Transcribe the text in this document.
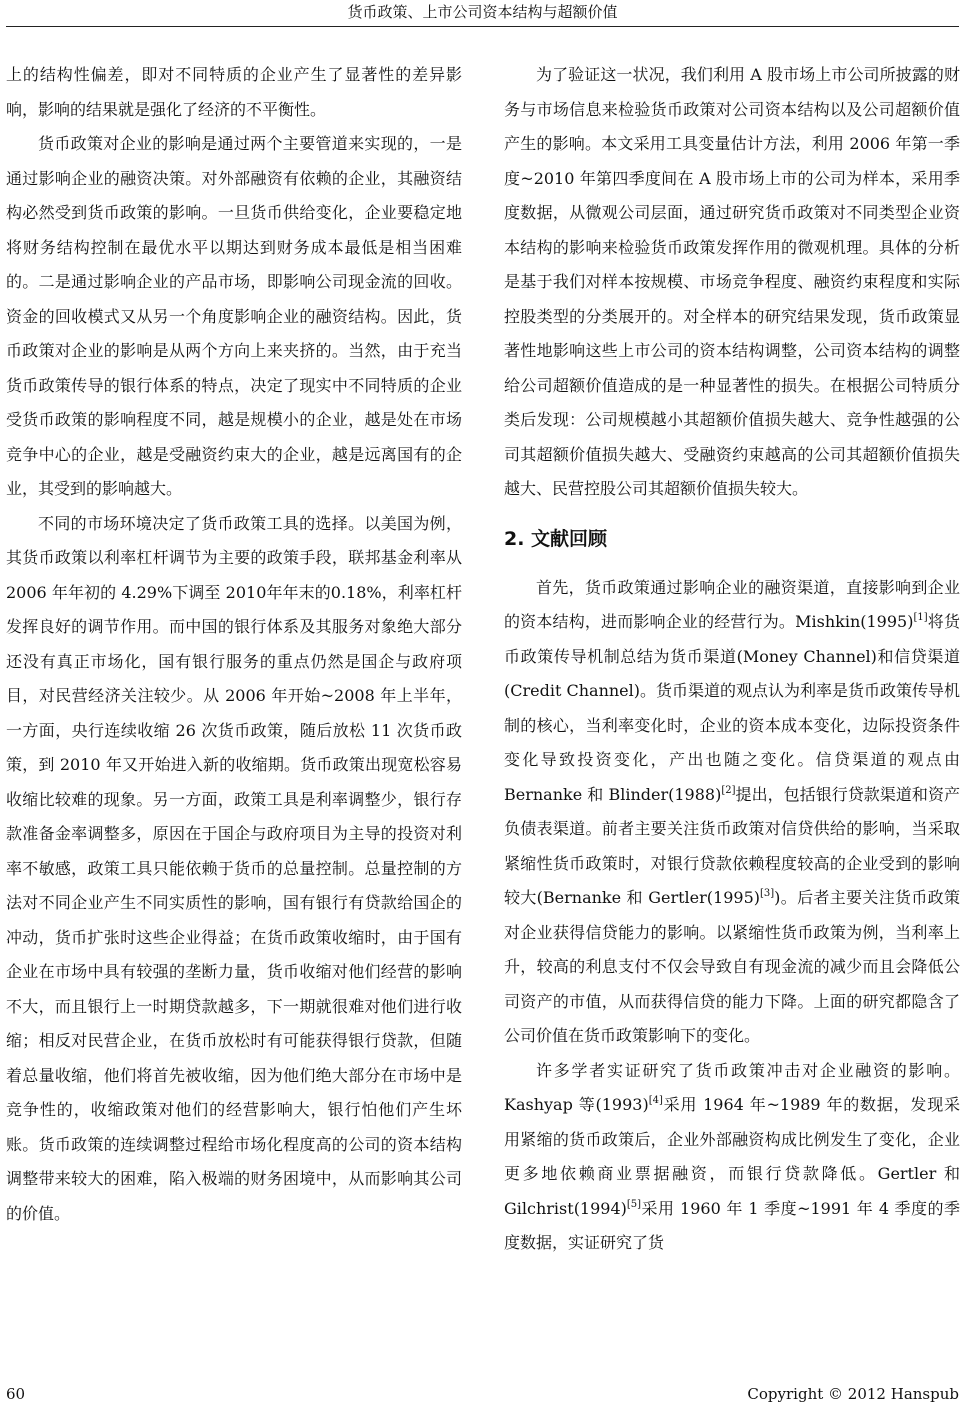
货币政策、上市公司资本结构与超额价值

上的结构性偏差，即对不同特质的企业产生了显著性的差异影响，影响的结果就是强化了经济的不平衡性。

货币政策对企业的影响是通过两个主要管道来实现的，一是通过影响企业的融资决策。对外部融资有依赖的企业，其融资结构必然受到货币政策的影响。一旦货币供给变化，企业要稳定地将财务结构控制在最优水平以期达到财务成本最低是相当困难的。二是通过影响企业的产品市场，即影响公司现金流的回收。资金的回收模式又从另一个角度影响企业的融资结构。因此，货币政策对企业的影响是从两个方向上来夹挤的。当然，由于充当货币政策传导的银行体系的特点，决定了现实中不同特质的企业受货币政策的影响程度不同，越是规模小的企业，越是处在市场竞争中心的企业，越是受融资约束大的企业，越是远离国有的企业，其受到的影响越大。

不同的市场环境决定了货币政策工具的选择。以美国为例，其货币政策以利率杠杆调节为主要的政策手段，联邦基金利率从 2006 年年初的 4.29%下调至 2010年年末的0.18%，利率杠杆发挥良好的调节作用。而中国的银行体系及其服务对象绝大部分还没有真正市场化，国有银行服务的重点仍然是国企与政府项目，对民营经济关注较少。从 2006 年开始~2008 年上半年，一方面，央行连续收缩 26 次货币政策，随后放松 11 次货币政策，到 2010 年又开始进入新的收缩期。货币政策出现宽松容易收缩比较难的现象。另一方面，政策工具是利率调整少，银行存款准备金率调整多，原因在于国企与政府项目为主导的投资对利率不敏感，政策工具只能依赖于货币的总量控制。总量控制的方法对不同企业产生不同实质性的影响，国有银行有贷款给国企的冲动，货币扩张时这些企业得益；在货币政策收缩时，由于国有企业在市场中具有较强的垄断力量，货币收缩对他们经营的影响不大，而且银行上一时期贷款越多，下一期就很难对他们进行收缩；相反对民营企业，在货币放松时有可能获得银行贷款，但随着总量收缩，他们将首先被收缩，因为他们绝大部分在市场中是竞争性的，收缩政策对他们的经营影响大，银行怕他们产生坏账。货币政策的连续调整过程给市场化程度高的公司的资本结构调整带来较大的困难，陷入极端的财务困境中，从而影响其公司的价值。

为了验证这一状况，我们利用 A 股市场上市公司所披露的财务与市场信息来检验货币政策对公司资本结构以及公司超额价值产生的影响。本文采用工具变量估计方法，利用 2006 年第一季度~2010 年第四季度间在 A 股市场上市的公司为样本，采用季度数据，从微观公司层面，通过研究货币政策对不同类型企业资本结构的影响来检验货币政策发挥作用的微观机理。具体的分析是基于我们对样本按规模、市场竞争程度、融资约束程度和实际控股类型的分类展开的。对全样本的研究结果发现，货币政策显著性地影响这些上市公司的资本结构调整，公司资本结构的调整给公司超额价值造成的是一种显著性的损失。在根据公司特质分类后发现：公司规模越小其超额价值损失越大、竞争性越强的公司其超额价值损失越大、受融资约束越高的公司其超额价值损失越大、民营控股公司其超额价值损失较大。

2. 文献回顾

首先，货币政策通过影响企业的融资渠道，直接影响到企业的资本结构，进而影响企业的经营行为。Mishkin(1995)[1]将货币政策传导机制总结为货币渠道(Money Channel)和信贷渠道(Credit Channel)。货币渠道的观点认为利率是货币政策传导机制的核心，当利率变化时，企业的资本成本变化，边际投资条件变化导致投资变化，产出也随之变化。信贷渠道的观点由 Bernanke 和 Blinder(1988)[2]提出，包括银行贷款渠道和资产负债表渠道。前者主要关注货币政策对信贷供给的影响，当采取紧缩性货币政策时，对银行贷款依赖程度较高的企业受到的影响较大(Bernanke 和 Gertler(1995)[3])。后者主要关注货币政策对企业获得信贷能力的影响。以紧缩性货币政策为例，当利率上升，较高的利息支付不仅会导致自有现金流的减少而且会降低公司资产的市值，从而获得信贷的能力下降。上面的研究都隐含了公司价值在货币政策影响下的变化。

许多学者实证研究了货币政策冲击对企业融资的影响。Kashyap 等(1993)[4]采用 1964 年~1989 年的数据，发现采用紧缩的货币政策后，企业外部融资构成比例发生了变化，企业更多地依赖商业票据融资，而银行贷款降低。Gertler 和 Gilchrist(1994)[5]采用 1960 年 1 季度~1991 年 4 季度的季度数据，实证研究了货

60	Copyright © 2012 Hanspub
